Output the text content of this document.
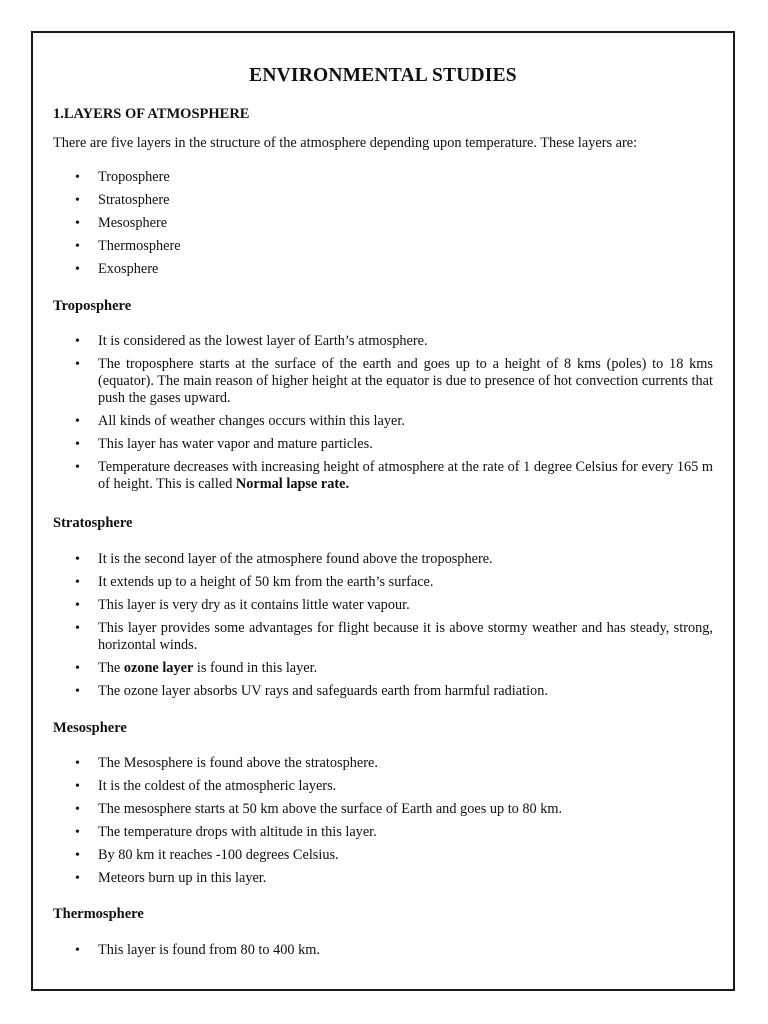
ENVIRONMENTAL STUDIES
1.LAYERS OF ATMOSPHERE

There are five layers in the structure of the atmosphere depending upon temperature. These layers are:

• Troposphere
• Stratosphere
• Mesosphere
• Thermosphere
• Exosphere
Troposphere
• It is considered as the lowest layer of Earth’s atmosphere.
• The troposphere starts at the surface of the earth and goes up to a height of 8 kms (poles) to 18 kms (equator). The main reason of higher height at the equator is due to presence of hot convection currents that push the gases upward.
• All kinds of weather changes occurs within this layer.
• This layer has water vapor and mature particles.
• Temperature decreases with increasing height of atmosphere at the rate of 1 degree Celsius for every 165 m of height. This is called Normal lapse rate.
Stratosphere
• It is the second layer of the atmosphere found above the troposphere.
• It extends up to a height of 50 km from the earth’s surface.
• This layer is very dry as it contains little water vapour.
• This layer provides some advantages for flight because it is above stormy weather and has steady, strong, horizontal winds.
• The ozone layer is found in this layer.
• The ozone layer absorbs UV rays and safeguards earth from harmful radiation.
Mesosphere
• The Mesosphere is found above the stratosphere.
• It is the coldest of the atmospheric layers.
• The mesosphere starts at 50 km above the surface of Earth and goes up to 80 km.
• The temperature drops with altitude in this layer.
• By 80 km it reaches -100 degrees Celsius.
• Meteors burn up in this layer.
Thermosphere
• This layer is found from 80 to 400 km.
